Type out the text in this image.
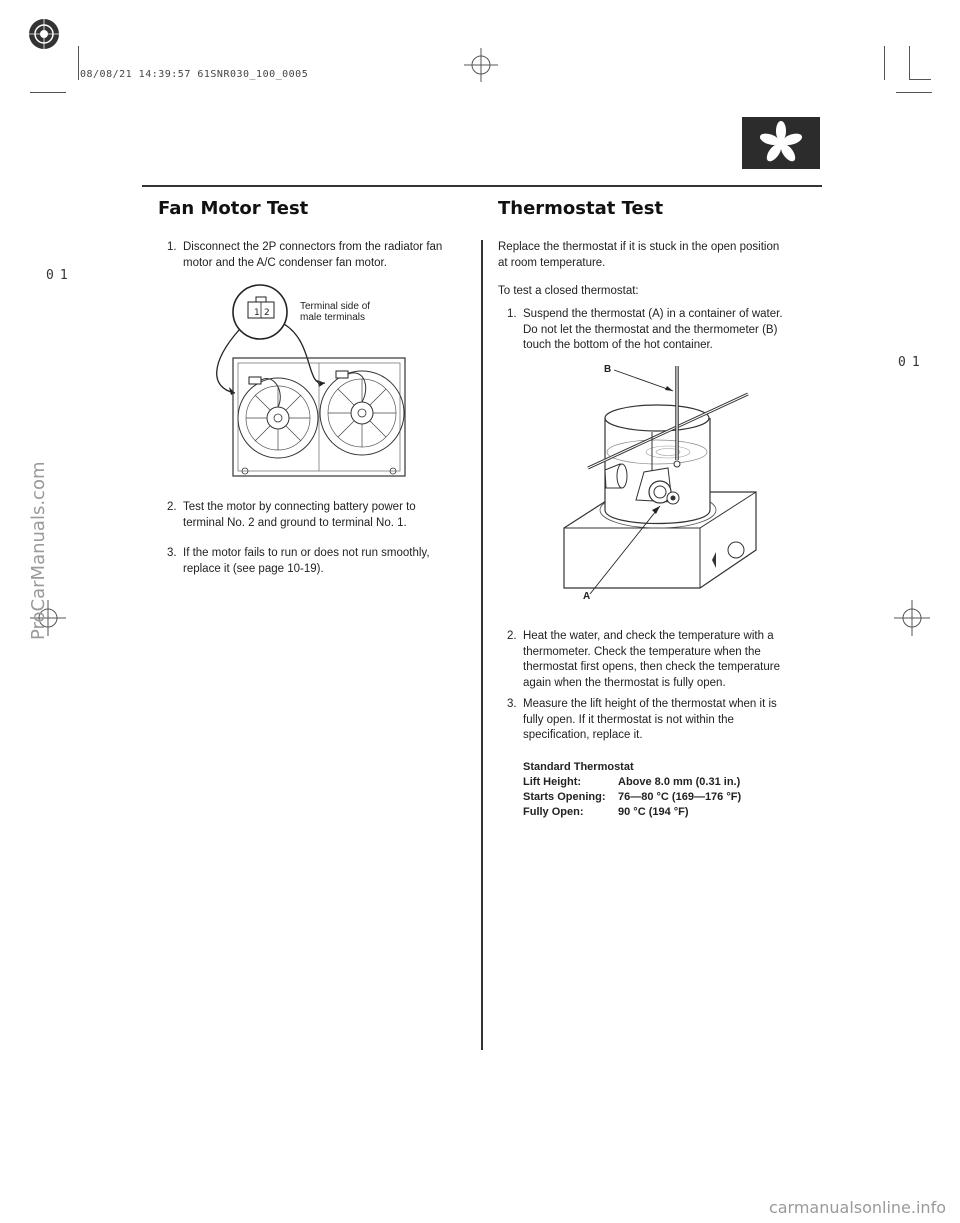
08/08/21 14:39:57 61SNR030_100_0005
Fan Motor Test	Thermostat Test
01
01
1. Disconnect the 2P connectors from the radiator fan
motor and the A/C condenser fan motor.
1 2
Terminal side of
male terminals
2. Test the motor by connecting battery power to
terminal No. 2 and ground to terminal No. 1.
3. If the motor fails to run or does not run smoothly,
replace it (see page 10-19).
Replace the thermostat if it is stuck in the open position
at room temperature.
To test a closed thermostat:
1. Suspend the thermostat (A) in a container of water.
Do not let the thermostat and the thermometer (B)
touch the bottom of the hot container.
B
A
2. Heat the water, and check the temperature with a
thermometer. Check the temperature when the
thermostat first opens, then check the temperature
again when the thermostat is fully open.
3. Measure the lift height of the thermostat when it is
fully open. If it thermostat is not within the
specification, replace it.
Standard Thermostat
Lift Height:	Above 8.0 mm (0.31 in.)
Starts Opening:	76—80 °C (169—176 °F)
Fully Open:	90 °C (194 °F)
ProCarManuals.com
carmanualsonline.info
